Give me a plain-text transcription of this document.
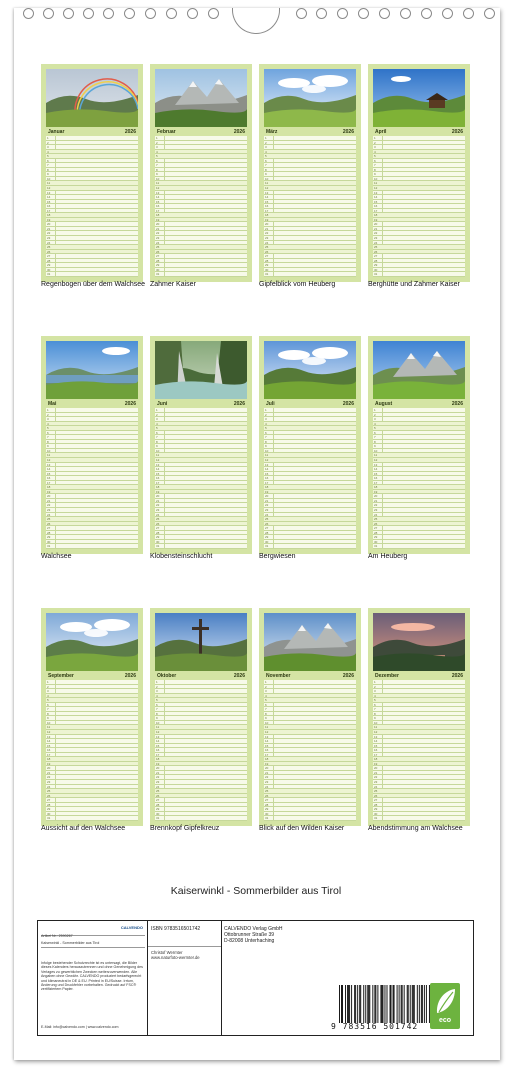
Januar	2026
1
2
3
4
5
6
7
8
9
10
11
12
13
14
15
16
17
18
19
20
21
22
23
24
25
26
27
28
29
30
31
Regenbogen über dem Walchsee
Februar	2026
1
2
3
4
5
6
7
8
9
10
11
12
13
14
15
16
17
18
19
20
21
22
23
24
25
26
27
28
29
30
31
Zahmer Kaiser
März	2026
1
2
3
4
5
6
7
8
9
10
11
12
13
14
15
16
17
18
19
20
21
22
23
24
25
26
27
28
29
30
31
Gipfelblick vom Heuberg
April	2026
1
2
3
4
5
6
7
8
9
10
11
12
13
14
15
16
17
18
19
20
21
22
23
24
25
26
27
28
29
30
31
Berghütte und Zahmer Kaiser
Mai	2026
1
2
3
4
5
6
7
8
9
10
11
12
13
14
15
16
17
18
19
20
21
22
23
24
25
26
27
28
29
30
31
Walchsee
Juni	2026
1
2
3
4
5
6
7
8
9
10
11
12
13
14
15
16
17
18
19
20
21
22
23
24
25
26
27
28
29
30
31
Klobensteinschlucht
Juli	2026
1
2
3
4
5
6
7
8
9
10
11
12
13
14
15
16
17
18
19
20
21
22
23
24
25
26
27
28
29
30
31
Bergwiesen
August	2026
1
2
3
4
5
6
7
8
9
10
11
12
13
14
15
16
17
18
19
20
21
22
23
24
25
26
27
28
29
30
31
Am Heuberg
September	2026
1
2
3
4
5
6
7
8
9
10
11
12
13
14
15
16
17
18
19
20
21
22
23
24
25
26
27
28
29
30
31
Aussicht auf den Walchsee
Oktober	2026
1
2
3
4
5
6
7
8
9
10
11
12
13
14
15
16
17
18
19
20
21
22
23
24
25
26
27
28
29
30
31
Brennkopf Gipfelkreuz
November	2026
1
2
3
4
5
6
7
8
9
10
11
12
13
14
15
16
17
18
19
20
21
22
23
24
25
26
27
28
29
30
31
Blick auf den Wilden Kaiser
Dezember	2026
1
2
3
4
5
6
7
8
9
10
11
12
13
14
15
16
17
18
19
20
21
22
23
24
25
26
27
28
29
30
31
Abendstimmung am Walchsee
Kaiserwinkl - Sommerbilder aus Tirol
Artikel Nr.: 2590267
CALVENDO
Kaiserwinkl - Sommerbilder aus Tirol
Infolge bestehender Schutzrechte ist es untersagt, die Bilder dieses Kalenders herauszutrennen und ohne Genehmigung des Verlages zu gewerblichen Zwecken weiterzuverwenden. Alle Angaben ohne Gewähr. CALVENDO produziert bedarfsgerecht und klimaneutral in DE & EU. Printed in EU/Suisse. Irrtum, Änderung und Druckfehler vorbehalten. Gedruckt auf FSC® zertifiziertem Papier.
E-Mail: info@calvendo.com | www.calvendo.com
ISBN 9783516501742
Christof Wermter
www.naturfoto-wermter.de
CALVENDO Verlag GmbH
Ottobrunner Straße 39
D-82008 Unterhaching
9 783516 501742
eco
